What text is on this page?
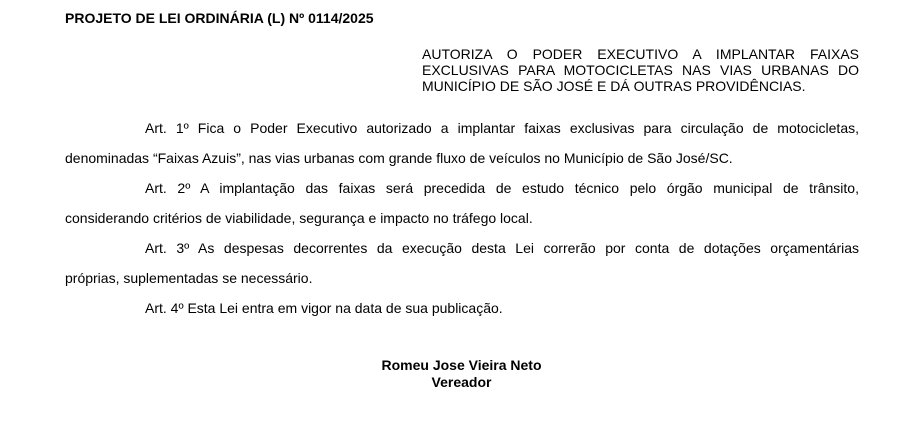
PROJETO DE LEI ORDINÁRIA (L) Nº 0114/2025
AUTORIZA O PODER EXECUTIVO A IMPLANTAR FAIXAS
EXCLUSIVAS PARA MOTOCICLETAS NAS VIAS URBANAS DO
MUNICÍPIO DE SÃO JOSÉ E DÁ OUTRAS PROVIDÊNCIAS.
Art. 1º Fica o Poder Executivo autorizado a implantar faixas exclusivas para circulação de motocicletas,
denominadas “Faixas Azuis”, nas vias urbanas com grande fluxo de veículos no Município de São José/SC.
Art. 2º A implantação das faixas será precedida de estudo técnico pelo órgão municipal de trânsito,
considerando critérios de viabilidade, segurança e impacto no tráfego local.
Art. 3º As despesas decorrentes da execução desta Lei correrão por conta de dotações orçamentárias
próprias, suplementadas se necessário.
Art. 4º Esta Lei entra em vigor na data de sua publicação.
Romeu Jose Vieira Neto
Vereador
